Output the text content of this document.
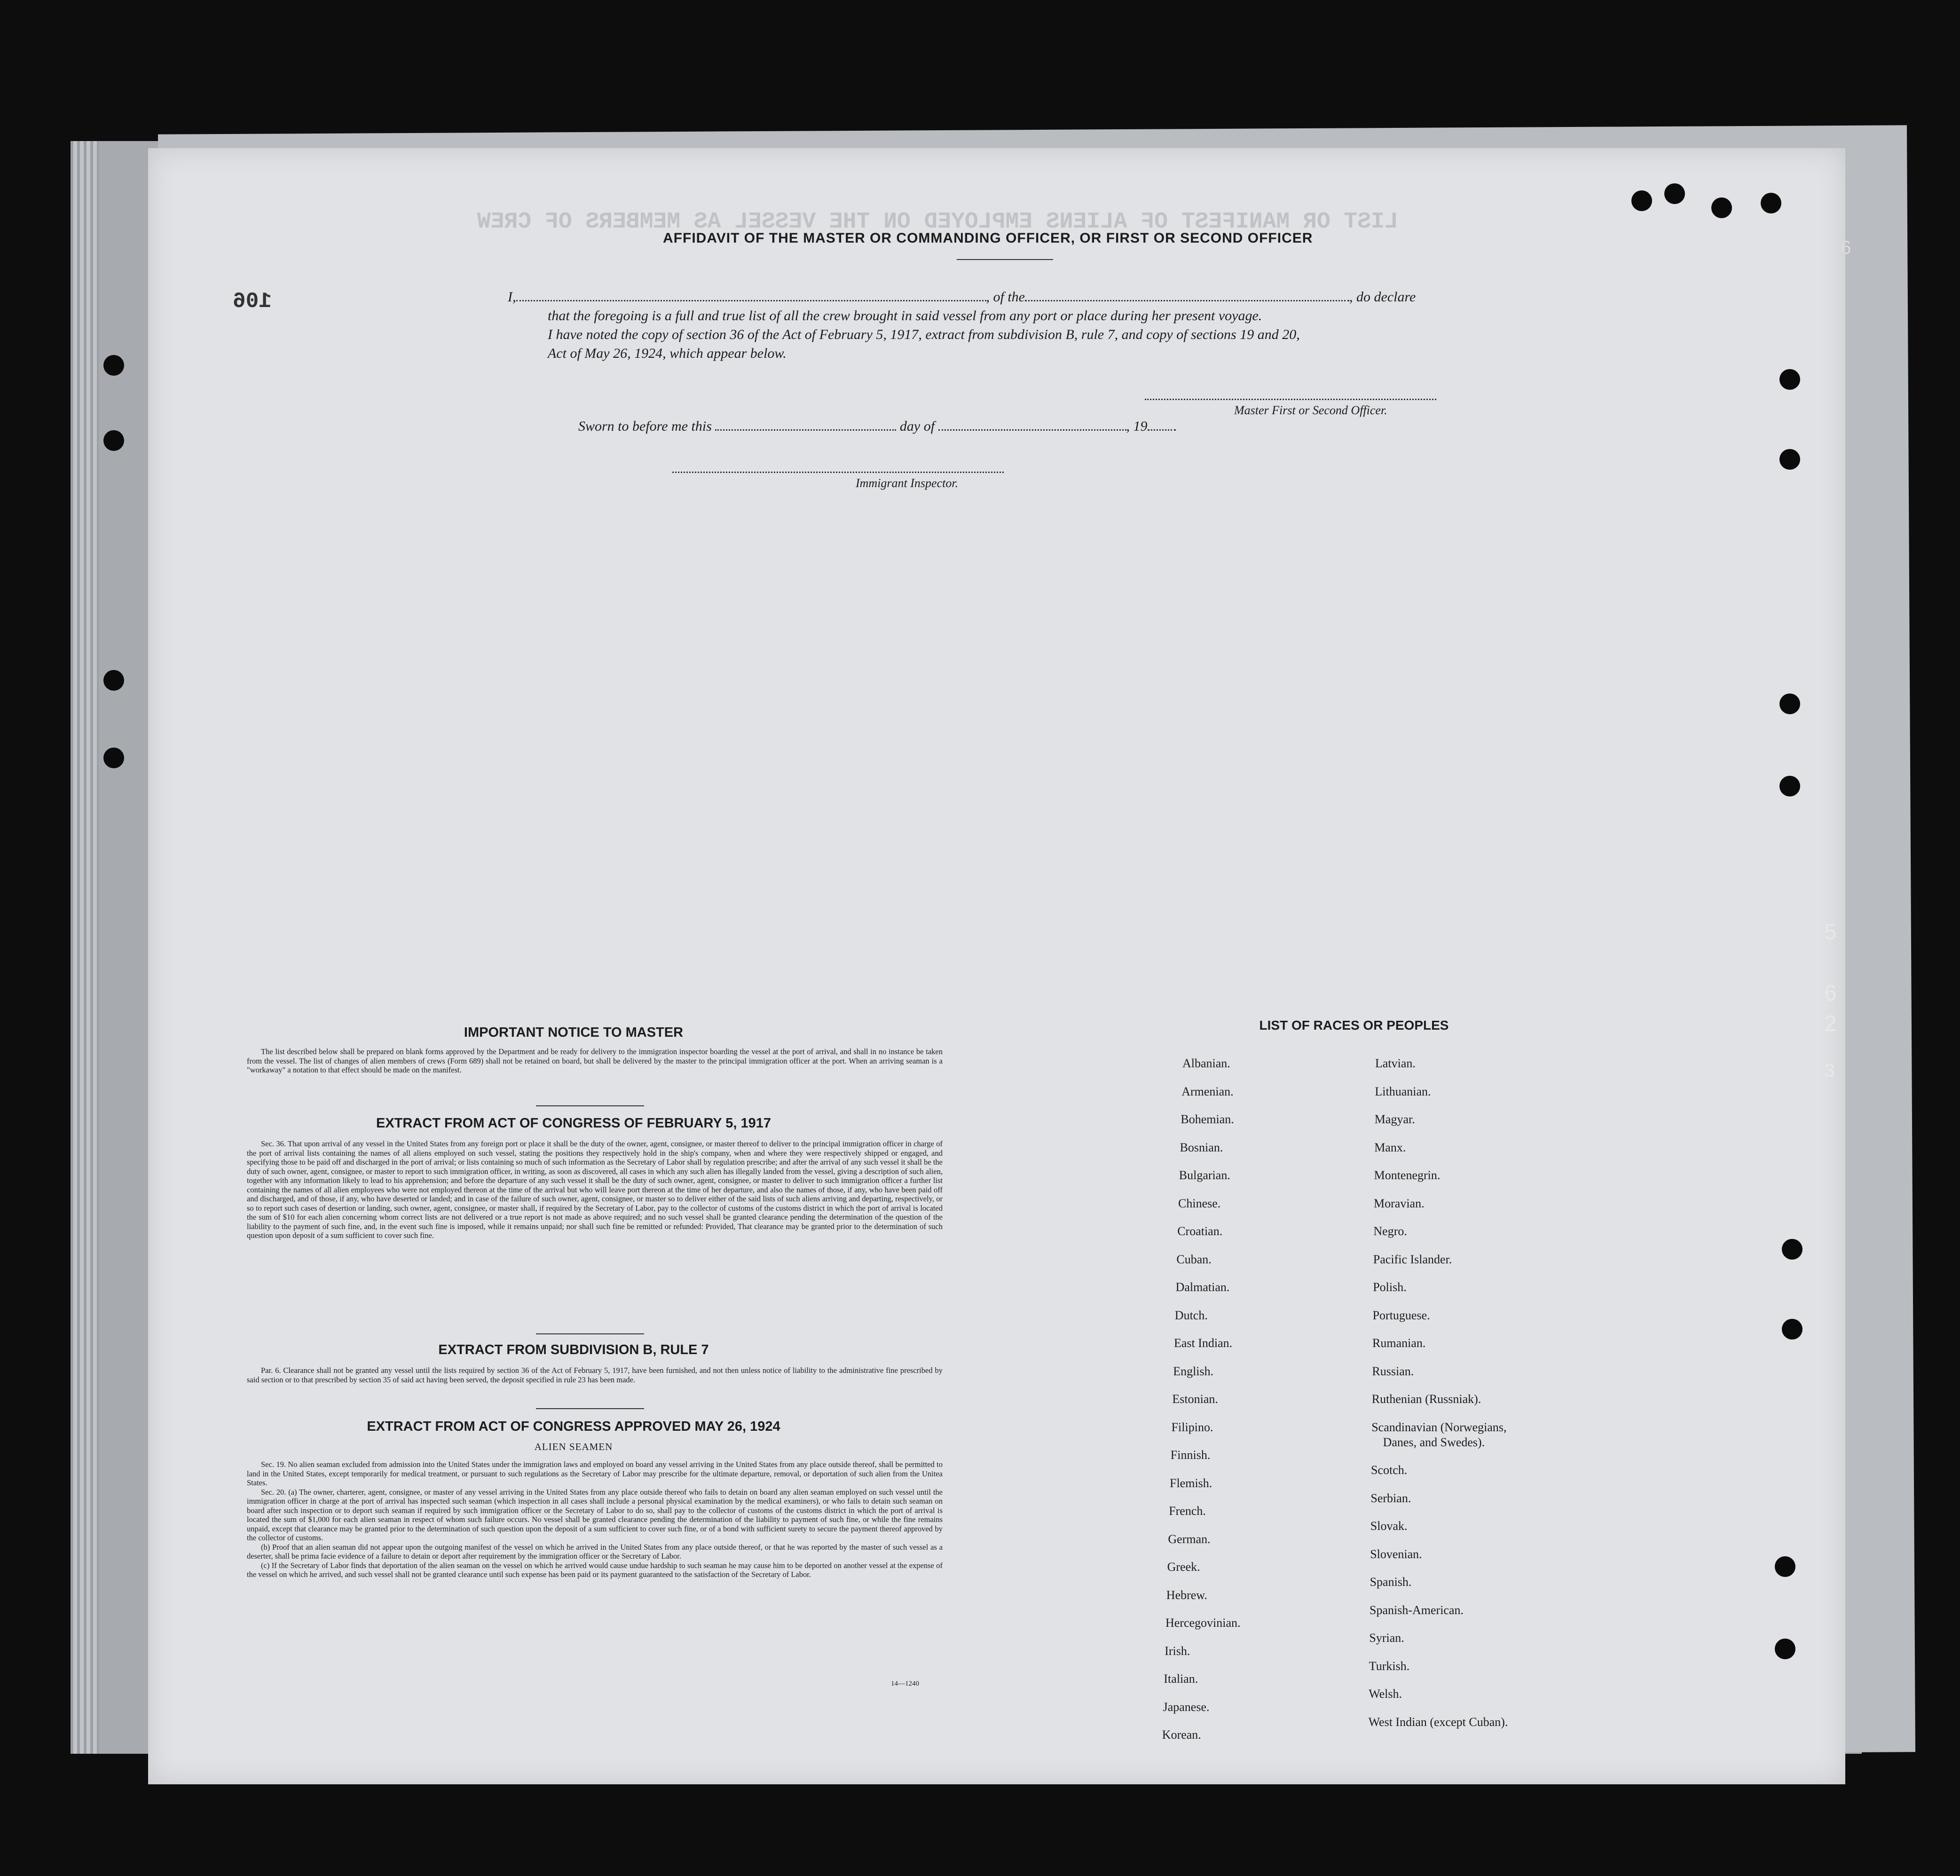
LIST OR MANIFEST OF ALIENS EMPLOYED ON THE VESSEL AS MEMBERS OF CREW
106
AFFIDAVIT OF THE MASTER OR COMMANDING OFFICER, OR FIRST OR SECOND OFFICER
I,	, of the	, do declare
that the foregoing is a full and true list of all the crew brought in said vessel from any port or place during her present voyage.
I have noted the copy of section 36 of the Act of February 5, 1917, extract from subdivision B, rule 7, and copy of sections 19 and 20,
Act of May 26, 1924, which appear below.
Master First or Second Officer.
Sworn to before me this	day of	, 19
Immigrant Inspector.
IMPORTANT NOTICE TO MASTER

The list described below shall be prepared on blank forms approved by the Department and be ready for delivery to the immigration inspector boarding the vessel at the port of arrival, and shall in no instance be taken from the vessel. The list of changes of alien members of crews (Form 689) shall not be retained on board, but shall be delivered by the master to the principal immigration officer at the port. When an arriving seaman is a "workaway" a notation to that effect should be made on the manifest.

EXTRACT FROM ACT OF CONGRESS OF FEBRUARY 5, 1917

Sec. 36. That upon arrival of any vessel in the United States from any foreign port or place it shall be the duty of the owner, agent, consignee, or master thereof to deliver to the principal immigration officer in charge of the port of arrival lists containing the names of all aliens employed on such vessel, stating the positions they respectively hold in the ship's company, when and where they were respectively shipped or engaged, and specifying those to be paid off and discharged in the port of arrival; or lists containing so much of such information as the Secretary of Labor shall by regulation prescribe; and after the arrival of any such vessel it shall be the duty of such owner, agent, consignee, or master to report to such immigration officer, in writing, as soon as discovered, all cases in which any such alien has illegally landed from the vessel, giving a description of such alien, together with any information likely to lead to his apprehension; and before the departure of any such vessel it shall be the duty of such owner, agent, consignee, or master to deliver to such immigration officer a further list containing the names of all alien employees who were not employed thereon at the time of the arrival but who will leave port thereon at the time of her departure, and also the names of those, if any, who have been paid off and discharged, and of those, if any, who have deserted or landed; and in case of the failure of such owner, agent, consignee, or master so to deliver either of the said lists of such aliens arriving and departing, respectively, or so to report such cases of desertion or landing, such owner, agent, consignee, or master shall, if required by the Secretary of Labor, pay to the collector of customs of the customs district in which the port of arrival is located the sum of $10 for each alien concerning whom correct lists are not delivered or a true report is not made as above required; and no such vessel shall be granted clearance pending the determination of the question of the liability to the payment of such fine, and, in the event such fine is imposed, while it remains unpaid; nor shall such fine be remitted or refunded: Provided, That clearance may be granted prior to the determination of such question upon deposit of a sum sufficient to cover such fine.

EXTRACT FROM SUBDIVISION B, RULE 7

Par. 6. Clearance shall not be granted any vessel until the lists required by section 36 of the Act of February 5, 1917, have been furnished, and not then unless notice of liability to the administrative fine prescribed by said section or to that prescribed by section 35 of said act having been served, the deposit specified in rule 23 has been made.

EXTRACT FROM ACT OF CONGRESS APPROVED MAY 26, 1924
ALIEN SEAMEN

Sec. 19. No alien seaman excluded from admission into the United States under the immigration laws and employed on board any vessel arriving in the United States from any place outside thereof, shall be permitted to land in the United States, except temporarily for medical treatment, or pursuant to such regulations as the Secretary of Labor may prescribe for the ultimate departure, removal, or deportation of such alien from the Unitea States.

Sec. 20. (a) The owner, charterer, agent, consignee, or master of any vessel arriving in the United States from any place outside thereof who fails to detain on board any alien seaman employed on such vessel until the immigration officer in charge at the port of arrival has inspected such seaman (which inspection in all cases shall include a personal physical examination by the medical examiners), or who fails to detain such seaman on board after such inspection or to deport such seaman if required by such immigration officer or the Secretary of Labor to do so, shall pay to the collector of customs of the customs district in which the port of arrival is located the sum of $1,000 for each alien seaman in respect of whom such failure occurs. No vessel shall be granted clearance pending the determination of the liability to payment of such fine, or while the fine remains unpaid, except that clearance may be granted prior to the determination of such question upon the deposit of a sum sufficient to cover such fine, or of a bond with sufficient surety to secure the payment thereof approved by the collector of customs.

(b) Proof that an alien seaman did not appear upon the outgoing manifest of the vessel on which he arrived in the United States from any place outside thereof, or that he was reported by the master of such vessel as a deserter, shall be prima facie evidence of a failure to detain or deport after requirement by the immigration officer or the Secretary of Labor.

(c) If the Secretary of Labor finds that deportation of the alien seaman on the vessel on which he arrived would cause undue hardship to such seaman he may cause him to be deported on another vessel at the expense of the vessel on which he arrived, and such vessel shall not be granted clearance until such expense has been paid or its payment guaranteed to the satisfaction of the Secretary of Labor.

14—1240
LIST OF RACES OR PEOPLES
Albanian.
Armenian.
Bohemian.
Bosnian.
Bulgarian.
Chinese.
Croatian.
Cuban.
Dalmatian.
Dutch.
East Indian.
English.
Estonian.
Filipino.
Finnish.
Flemish.
French.
German.
Greek.
Hebrew.
Hercegovinian.
Irish.
Italian.
Japanese.
Korean.
Latvian.
Lithuanian.
Magyar.
Manx.
Montenegrin.
Moravian.
Negro.
Pacific Islander.
Polish.
Portuguese.
Rumanian.
Russian.
Ruthenian (Russniak).
Scandinavian (Norwegians,
Danes, and Swedes).
Scotch.
Serbian.
Slovak.
Slovenian.
Spanish.
Spanish-American.
Syrian.
Turkish.
Welsh.
West Indian (except Cuban).
6
5
6
2
3
